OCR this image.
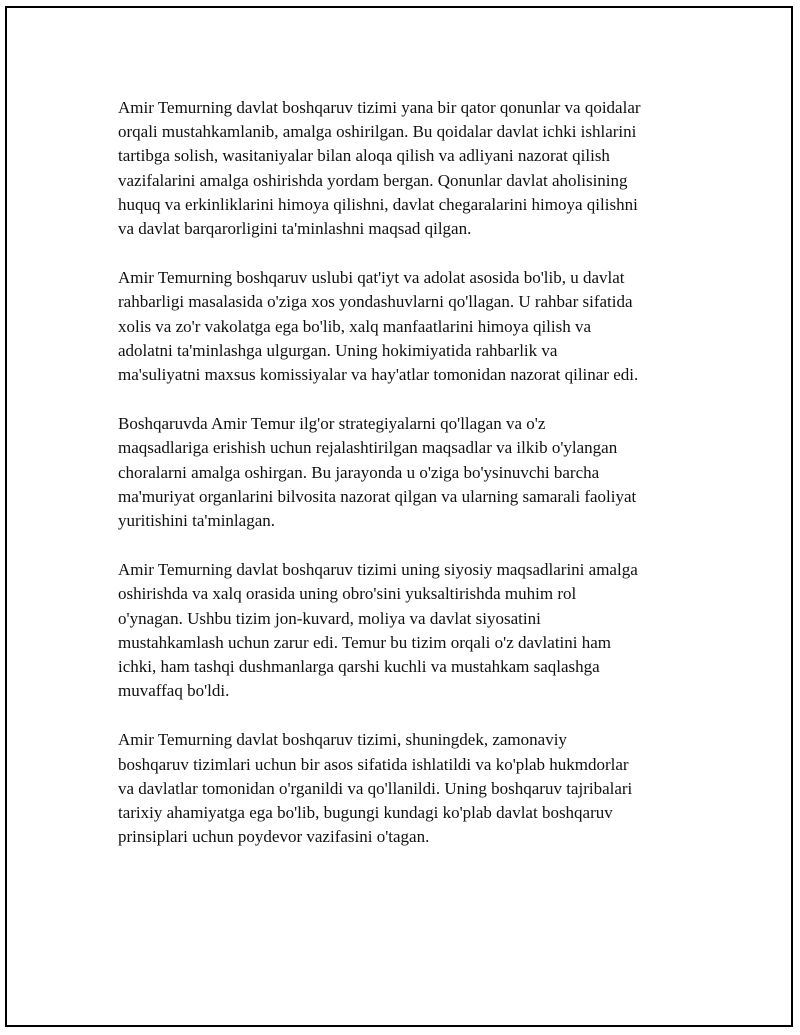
Amir Temurning davlat boshqaruv tizimi yana bir qator qonunlar va qoidalar
orqali mustahkamlanib, amalga oshirilgan. Bu qoidalar davlat ichki ishlarini
tartibga solish, wasitaniyalar bilan aloqa qilish va adliyani nazorat qilish
vazifalarini amalga oshirishda yordam bergan. Qonunlar davlat aholisining
huquq va erkinliklarini himoya qilishni, davlat chegaralarini himoya qilishni
va davlat barqarorligini ta'minlashni maqsad qilgan.

Amir Temurning boshqaruv uslubi qat'iyt va adolat asosida bo'lib, u davlat
rahbarligi masalasida o'ziga xos yondashuvlarni qo'llagan. U rahbar sifatida
xolis va zo'r vakolatga ega bo'lib, xalq manfaatlarini himoya qilish va
adolatni ta'minlashga ulgurgan. Uning hokimiyatida rahbarlik va
ma'suliyatni maxsus komissiyalar va hay'atlar tomonidan nazorat qilinar edi.

Boshqaruvda Amir Temur ilg'or strategiyalarni qo'llagan va o'z
maqsadlariga erishish uchun rejalashtirilgan maqsadlar va ilkib o'ylangan
choralarni amalga oshirgan. Bu jarayonda u o'ziga bo'ysinuvchi barcha
ma'muriyat organlarini bilvosita nazorat qilgan va ularning samarali faoliyat
yuritishini ta'minlagan.

Amir Temurning davlat boshqaruv tizimi uning siyosiy maqsadlarini amalga
oshirishda va xalq orasida uning obro'sini yuksaltirishda muhim rol
o'ynagan. Ushbu tizim jon-kuvard, moliya va davlat siyosatini
mustahkamlash uchun zarur edi. Temur bu tizim orqali o'z davlatini ham
ichki, ham tashqi dushmanlarga qarshi kuchli va mustahkam saqlashga
muvaffaq bo'ldi.

Amir Temurning davlat boshqaruv tizimi, shuningdek, zamonaviy
boshqaruv tizimlari uchun bir asos sifatida ishlatildi va ko'plab hukmdorlar
va davlatlar tomonidan o'rganildi va qo'llanildi. Uning boshqaruv tajribalari
tarixiy ahamiyatga ega bo'lib, bugungi kundagi ko'plab davlat boshqaruv
prinsiplari uchun poydevor vazifasini o'tagan.
